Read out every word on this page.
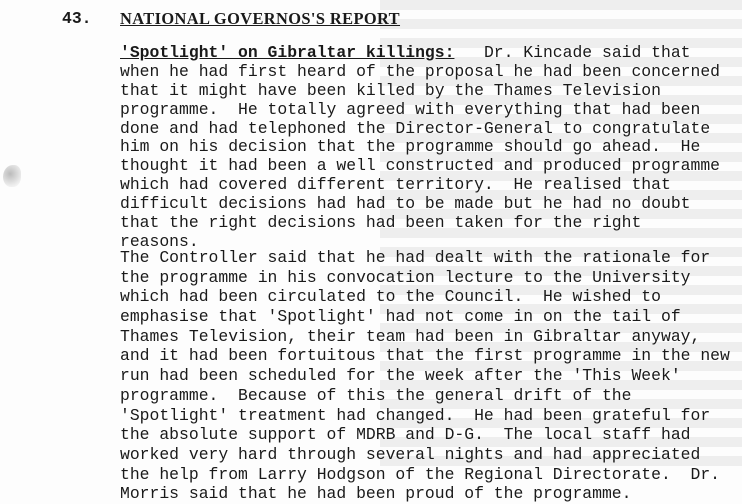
43. NATIONAL GOVERNOS'S REPORT
'Spotlight' on Gibraltar killings:   Dr. Kincade said that
when he had first heard of the proposal he had been concerned
that it might have been killed by the Thames Television
programme.  He totally agreed with everything that had been
done and had telephoned the Director-General to congratulate
him on his decision that the programme should go ahead.  He
thought it had been a well constructed and produced programme
which had covered different territory.  He realised that
difficult decisions had had to be made but he had no doubt
that the right decisions had been taken for the right
reasons.
The Controller said that he had dealt with the rationale for
the programme in his convocation lecture to the University
which had been circulated to the Council.  He wished to
emphasise that 'Spotlight' had not come in on the tail of
Thames Television, their team had been in Gibraltar anyway,
and it had been fortuitous that the first programme in the new
run had been scheduled for the week after the 'This Week'
programme.  Because of this the general drift of the
'Spotlight' treatment had changed.  He had been grateful for
the absolute support of MDRB and D-G.  The local staff had
worked very hard through several nights and had appreciated
the help from Larry Hodgson of the Regional Directorate.  Dr.
Morris said that he had been proud of the programme.
